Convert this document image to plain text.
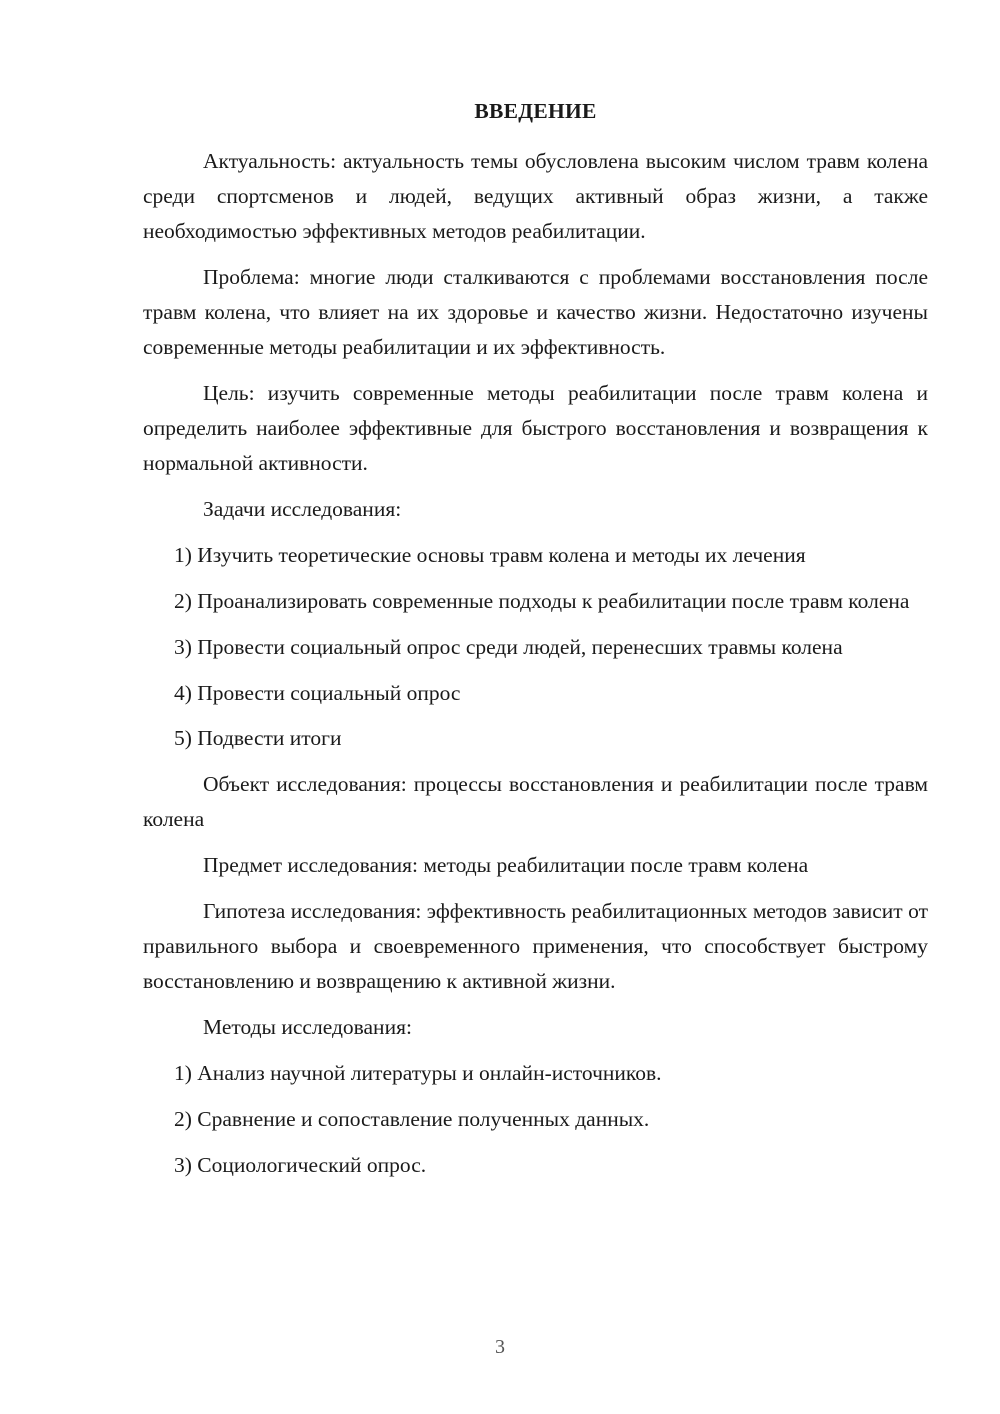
ВВЕДЕНИЕ

Актуальность: актуальность темы обусловлена высоким числом травм колена среди спортсменов и людей, ведущих активный образ жизни, а также необходимостью эффективных методов реабилитации.

Проблема: многие люди сталкиваются с проблемами восстановления после травм колена, что влияет на их здоровье и качество жизни. Недостаточно изучены современные методы реабилитации и их эффективность.

Цель: изучить современные методы реабилитации после травм колена и определить наиболее эффективные для быстрого восстановления и возвращения к нормальной активности.

Задачи исследования:

1) Изучить теоретические основы травм колена и методы их лечения

2) Проанализировать современные подходы к реабилитации после травм колена

3) Провести социальный опрос среди людей, перенесших травмы колена

4) Провести социальный опрос

5) Подвести итоги

Объект исследования: процессы восстановления и реабилитации после травм колена

Предмет исследования: методы реабилитации после травм колена

Гипотеза исследования: эффективность реабилитационных методов зависит от правильного выбора и своевременного применения, что способствует быстрому восстановлению и возвращению к активной жизни.

Методы исследования:

1) Анализ научной литературы и онлайн-источников.

2) Сравнение и сопоставление полученных данных.

3) Социологический опрос.

3
